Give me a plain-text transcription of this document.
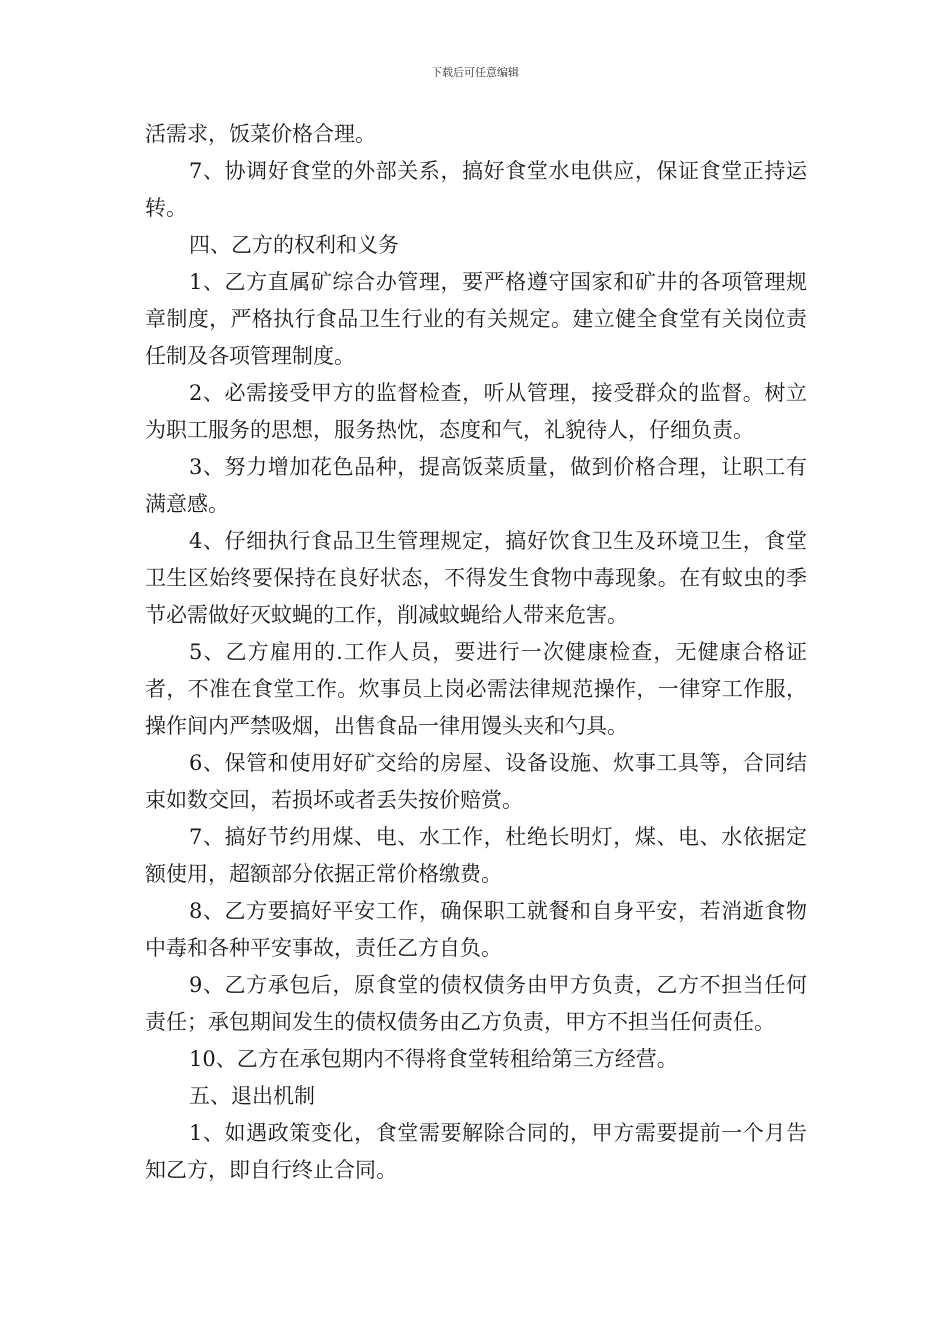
下载后可任意编辑

活需求，饭菜价格合理。

7、协调好食堂的外部关系，搞好食堂水电供应，保证食堂正持运转。

四、乙方的权利和义务

1、乙方直属矿综合办管理，要严格遵守国家和矿井的各项管理规章制度，严格执行食品卫生行业的有关规定。建立健全食堂有关岗位责任制及各项管理制度。

2、必需接受甲方的监督检查，听从管理，接受群众的监督。树立为职工服务的思想，服务热忱，态度和气，礼貌待人，仔细负责。

3、努力增加花色品种，提高饭菜质量，做到价格合理，让职工有满意感。

4、仔细执行食品卫生管理规定，搞好饮食卫生及环境卫生，食堂卫生区始终要保持在良好状态，不得发生食物中毒现象。在有蚊虫的季节必需做好灭蚊蝇的工作，削减蚊蝇给人带来危害。

5、乙方雇用的.工作人员，要进行一次健康检查，无健康合格证者，不准在食堂工作。炊事员上岗必需法律规范操作，一律穿工作服，操作间内严禁吸烟，出售食品一律用馒头夹和勺具。

6、保管和使用好矿交给的房屋、设备设施、炊事工具等，合同结束如数交回，若损坏或者丢失按价赔赏。

7、搞好节约用煤、电、水工作，杜绝长明灯，煤、电、水依据定额使用，超额部分依据正常价格缴费。

8、乙方要搞好平安工作，确保职工就餐和自身平安，若消逝食物中毒和各种平安事故，责任乙方自负。

9、乙方承包后，原食堂的债权债务由甲方负责，乙方不担当任何责任；承包期间发生的债权债务由乙方负责，甲方不担当任何责任。

10、乙方在承包期内不得将食堂转租给第三方经营。

五、退出机制

1、如遇政策变化，食堂需要解除合同的，甲方需要提前一个月告知乙方，即自行终止合同。
